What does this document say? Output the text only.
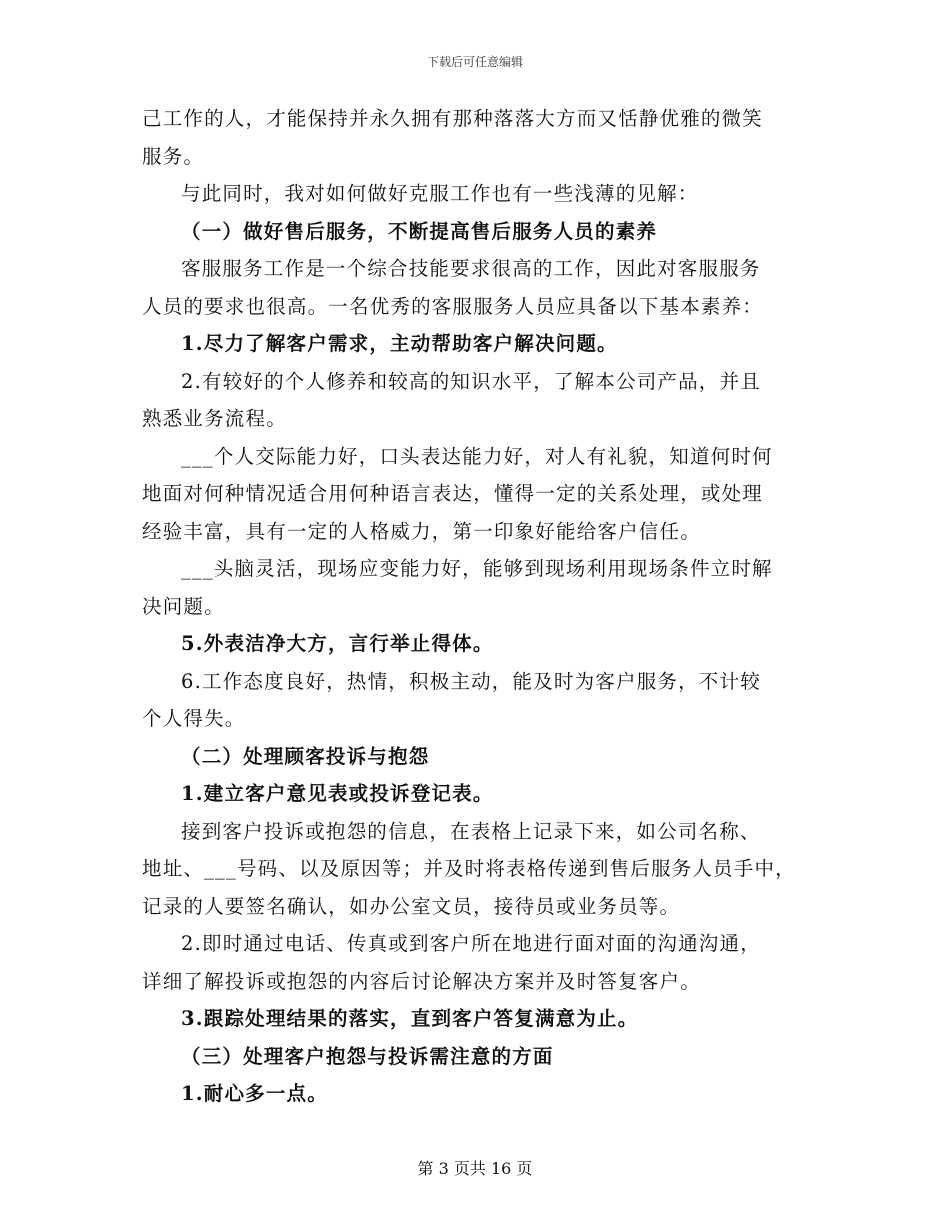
下载后可任意编辑
己工作的人，才能保持并永久拥有那种落落大方而又恬静优雅的微笑
服务。
与此同时，我对如何做好克服工作也有一些浅薄的见解：
（一）做好售后服务，不断提高售后服务人员的素养
客服服务工作是一个综合技能要求很高的工作，因此对客服服务
人员的要求也很高。一名优秀的客服服务人员应具备以下基本素养：
1.尽力了解客户需求，主动帮助客户解决问题。
2.有较好的个人修养和较高的知识水平，了解本公司产品，并且
熟悉业务流程。
___个人交际能力好，口头表达能力好，对人有礼貌，知道何时何
地面对何种情况适合用何种语言表达，懂得一定的关系处理，或处理
经验丰富，具有一定的人格威力，第一印象好能给客户信任。
___头脑灵活，现场应变能力好，能够到现场利用现场条件立时解
决问题。
5.外表洁净大方，言行举止得体。
6.工作态度良好，热情，积极主动，能及时为客户服务，不计较
个人得失。
（二）处理顾客投诉与抱怨
1.建立客户意见表或投诉登记表。
接到客户投诉或抱怨的信息，在表格上记录下来，如公司名称、
地址、___号码、以及原因等；并及时将表格传递到售后服务人员手中，
记录的人要签名确认，如办公室文员，接待员或业务员等。
2.即时通过电话、传真或到客户所在地进行面对面的沟通沟通，
详细了解投诉或抱怨的内容后讨论解决方案并及时答复客户。
3.跟踪处理结果的落实，直到客户答复满意为止。
（三）处理客户抱怨与投诉需注意的方面
1.耐心多一点。
第 3 页共 16 页
